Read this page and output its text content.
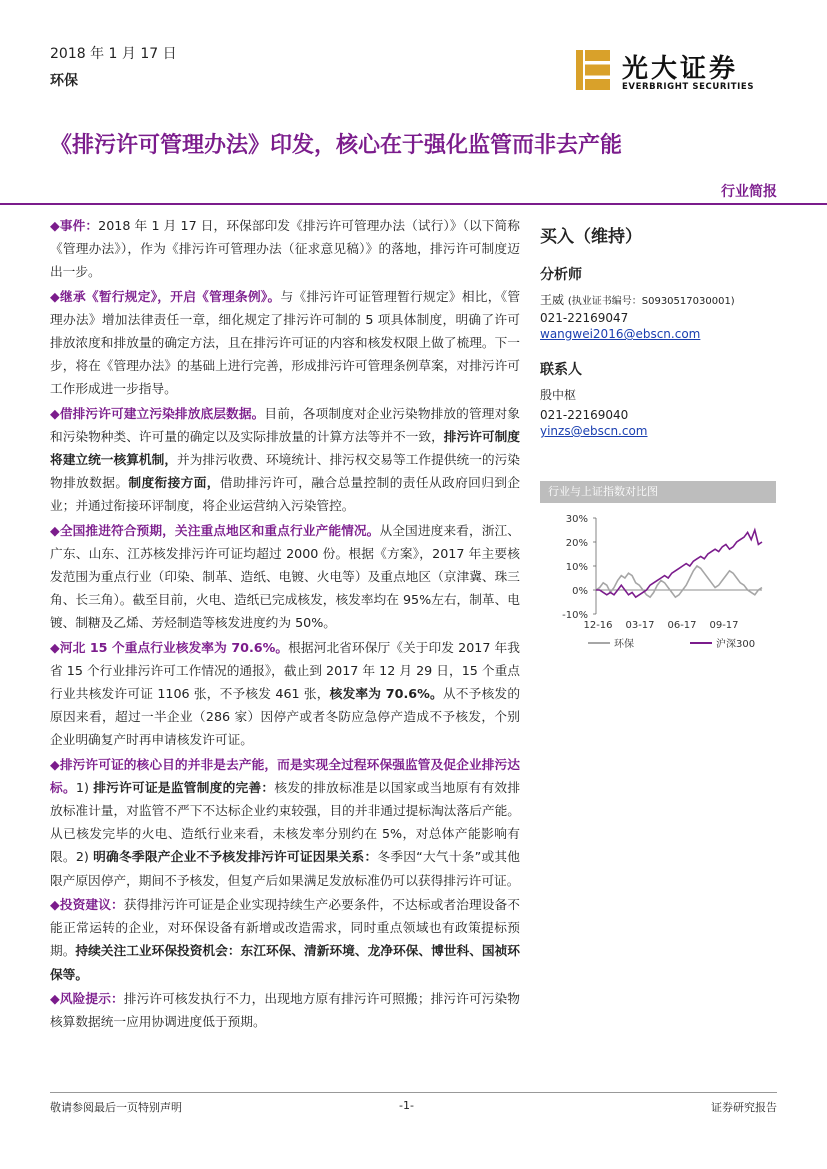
2018 年 1 月 17 日
环保	光大证券
EVERBRIGHT SECURITIES
《排污许可管理办法》印发，核心在于强化监管而非去产能
行业简报

◆事件：2018 年 1 月 17 日，环保部印发《排污许可管理办法（试行）》（以下简称《管理办法》），作为《排污许可管理办法（征求意见稿）》的落地，排污许可制度迈出一步。

◆继承《暂行规定》，开启《管理条例》。与《排污许可证管理暂行规定》相比，《管理办法》增加法律责任一章，细化规定了排污许可制的 5 项具体制度，明确了许可排放浓度和排放量的确定方法，且在排污许可证的内容和核发权限上做了梳理。下一步，将在《管理办法》的基础上进行完善，形成排污许可管理条例草案，对排污许可工作形成进一步指导。

◆借排污许可建立污染排放底层数据。目前，各项制度对企业污染物排放的管理对象和污染物种类、许可量的确定以及实际排放量的计算方法等并不一致，排污许可制度将建立统一核算机制，并为排污收费、环境统计、排污权交易等工作提供统一的污染物排放数据。制度衔接方面，借助排污许可，融合总量控制的责任从政府回归到企业；并通过衔接环评制度，将企业运营纳入污染管控。

◆全国推进符合预期，关注重点地区和重点行业产能情况。从全国进度来看，浙江、广东、山东、江苏核发排污许可证均超过 2000 份。根据《方案》，2017 年主要核发范围为重点行业（印染、制革、造纸、电镀、火电等）及重点地区（京津冀、珠三角、长三角）。截至目前，火电、造纸已完成核发，核发率均在 95%左右，制革、电镀、制糖及乙烯、芳烃制造等核发进度约为 50%。

◆河北 15 个重点行业核发率为 70.6%。根据河北省环保厅《关于印发 2017 年我省 15 个行业排污许可工作情况的通报》，截止到 2017 年 12 月 29 日，15 个重点行业共核发许可证 1106 张，不予核发 461 张，核发率为 70.6%。从不予核发的原因来看，超过一半企业（286 家）因停产或者冬防应急停产造成不予核发，个别企业明确复产时再申请核发许可证。

◆排污许可证的核心目的并非是去产能，而是实现全过程环保强监管及促企业排污达标。1) 排污许可证是监管制度的完善：核发的排放标准是以国家或当地原有有效排放标准计量，对监管不严下不达标企业约束较强，目的并非通过提标淘汰落后产能。从已核发完毕的火电、造纸行业来看，未核发率分别约在 5%，对总体产能影响有限。2) 明确冬季限产企业不予核发排污许可证因果关系：冬季因“大气十条”或其他限产原因停产，期间不予核发，但复产后如果满足发放标准仍可以获得排污许可证。

◆投资建议：获得排污许可证是企业实现持续生产必要条件，不达标或者治理设备不能正常运转的企业，对环保设备有新增或改造需求，同时重点领域也有政策提标预期。持续关注工业环保投资机会：东江环保、清新环境、龙净环保、博世科、国祯环保等。

◆风险提示：排污许可核发执行不力，出现地方原有排污许可照搬；排污许可污染物核算数据统一应用协调进度低于预期。

买入（维持）
分析师
王威 (执业证书编号：S0930517030001)
021-22169047
wangwei2016@ebscn.com
联系人
殷中枢
021-22169040
yinzs@ebscn.com
行业与上证指数对比图
30%
20%
10%
0%
-10%
12-16 03-17 06-17 09-17
环保	沪深300
敬请参阅最后一页特别声明	-1-	证券研究报告
